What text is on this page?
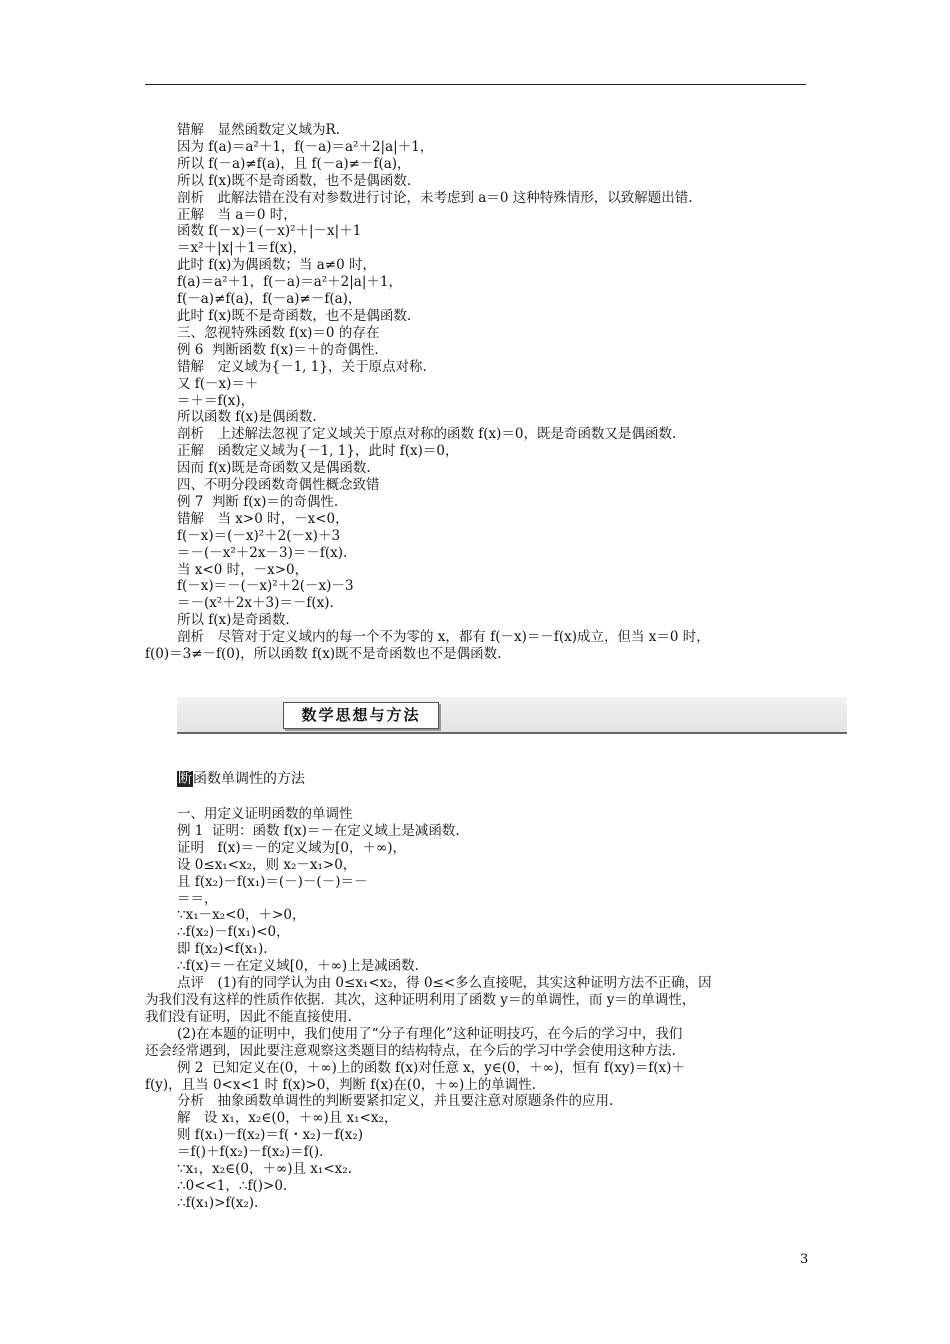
错解　显然函数定义域为R.
因为 f(a)＝a²＋1，f(－a)＝a²＋2|a|＋1，
所以 f(－a)≠f(a)，且 f(－a)≠－f(a)，
所以 f(x)既不是奇函数，也不是偶函数.
剖析　此解法错在没有对参数进行讨论，未考虑到 a＝0 这种特殊情形，以致解题出错.
正解　当 a＝0 时，
函数 f(－x)＝(－x)²＋|－x|＋1
＝x²＋|x|＋1＝f(x)，
此时 f(x)为偶函数；当 a≠0 时，
f(a)＝a²＋1，f(－a)＝a²＋2|a|＋1，
f(－a)≠f(a)，f(－a)≠－f(a)，
此时 f(x)既不是奇函数，也不是偶函数.
三、忽视特殊函数 f(x)＝0 的存在
例 6  判断函数 f(x)＝＋的奇偶性.
错解　定义域为{－1, 1}，关于原点对称.
又 f(－x)＝＋
＝＋＝f(x)，
所以函数 f(x)是偶函数.
剖析　上述解法忽视了定义域关于原点对称的函数 f(x)＝0，既是奇函数又是偶函数.
正解　函数定义域为{－1, 1}，此时 f(x)＝0，
因而 f(x)既是奇函数又是偶函数.
四、不明分段函数奇偶性概念致错
例 7  判断 f(x)＝的奇偶性.
错解　当 x>0 时，－x<0，
f(－x)＝(－x)²＋2(－x)＋3
＝－(－x²＋2x－3)＝－f(x).
当 x<0 时，－x>0，
f(－x)＝－(－x)²＋2(－x)－3
＝－(x²＋2x＋3)＝－f(x).
所以 f(x)是奇函数.
剖析　尽管对于定义域内的每一个不为零的 x，都有 f(－x)＝－f(x)成立，但当 x＝0 时，
f(0)＝3≠－f(0)，所以函数 f(x)既不是奇函数也不是偶函数.
数学思想与方法
断函数单调性的方法
一、用定义证明函数的单调性
例 1  证明：函数 f(x)＝－在定义域上是减函数.
证明　f(x)＝－的定义域为[0，＋∞)，
设 0≤x₁<x₂，则 x₂－x₁>0，
且 f(x₂)－f(x₁)＝(－)－(－)＝－
＝＝，
∵x₁－x₂<0，＋>0，
∴f(x₂)－f(x₁)<0，
即 f(x₂)<f(x₁).
∴f(x)＝－在定义域[0，＋∞)上是减函数.
点评　(1)有的同学认为由 0≤x₁<x₂，得 0≤<多么直接呢，其实这种证明方法不正确，因
为我们没有这样的性质作依据．其次，这种证明利用了函数 y＝的单调性，而 y＝的单调性，
我们没有证明，因此不能直接使用.
(2)在本题的证明中，我们使用了“分子有理化”这种证明技巧，在今后的学习中，我们
还会经常遇到，因此要注意观察这类题目的结构特点，在今后的学习中学会使用这种方法.
例 2  已知定义在(0，＋∞)上的函数 f(x)对任意 x，y∈(0，＋∞)，恒有 f(xy)＝f(x)＋
f(y)，且当 0<x<1 时 f(x)>0，判断 f(x)在(0，＋∞)上的单调性.
分析　抽象函数单调性的判断要紧扣定义，并且要注意对原题条件的应用.
解　设 x₁，x₂∈(0，＋∞)且 x₁<x₂，
则 f(x₁)－f(x₂)＝f(・x₂)－f(x₂)
＝f()＋f(x₂)－f(x₂)＝f().
∵x₁，x₂∈(0，＋∞)且 x₁<x₂.
∴0<<1，∴f()>0.
∴f(x₁)>f(x₂).
3
